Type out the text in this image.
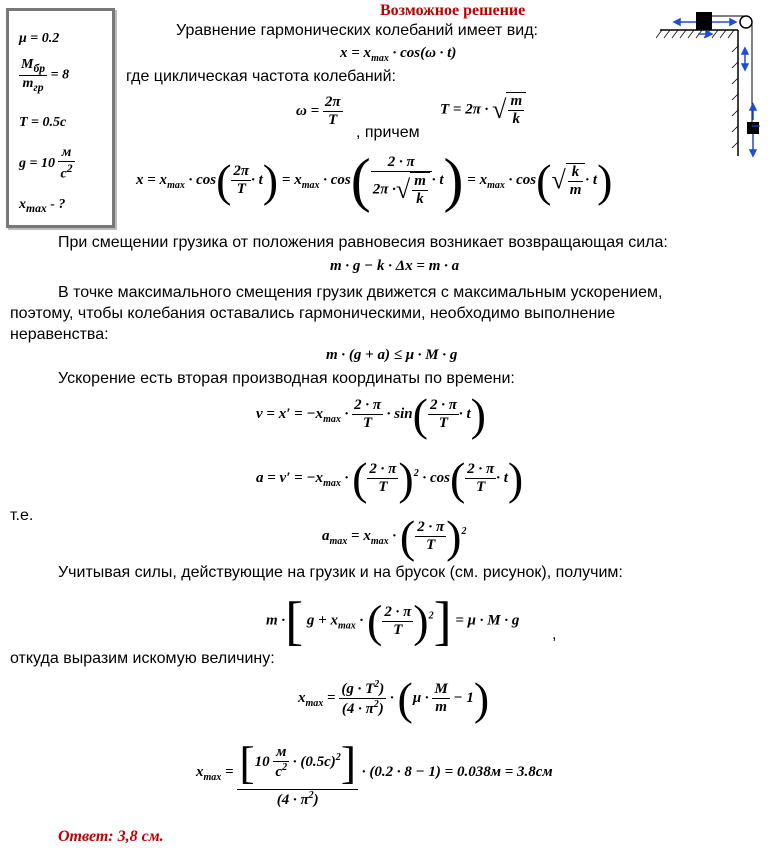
Возможное решение
μ = 0.2
$\frac{M_{бр}}{m_{гр}} = 8$
T = 0.5c
$g = 10 \frac{м}{c^2}$
$x_{max}$ - ?
Уравнение гармонических колебаний имеет вид:
$x = x_{max} \cdot \cos(\omega \cdot t)$
где циклическая частота колебаний:
$\omega = \frac{2\pi}{T}$
, причем
T = 2π · √ $\frac{m}{k}$
$x = x_{max} \cdot \cos( \frac{2\pi}{T} \cdot t) = x_{max} \cdot \cos( \frac{2 \cdot \pi}{2\pi \cdot√ \frac{m}{k}} \cdot t) = x_{max} \cdot \cos(√ \frac{k}{m} \cdot t)$
При смещении грузика от положения равновесия возникает возвращающая сила:
m · g − k · Δx = m · a
В точке максимального смещения грузик движется с максимальным ускорением,
поэтому, чтобы колебания оставались гармоническими, необходимо выполнение
неравенства:
m · (g + a) ≤ μ · M · g
Ускорение есть вторая производная координаты по времени:
$v = x' = -x_{max} \cdot \frac{2 \cdot \pi}{T} \cdot \sin( \frac{2 \cdot \pi}{T} \cdot t)$
$a = v' = -x_{max}$ · ( $\frac{2 \cdot \pi}{T} )^2 \cdot \cos( \frac{2 \cdot \pi}{T} \cdot t)$
т.е.
$a_{max} = x_{max}$ · ( $\frac{2 \cdot \pi}{T} )^2$
Учитывая силы, действующие на грузик и на брусок (см. рисунок), получим:
m ·[ $g + x_{max}$ · ( $\frac{2 \cdot \pi}{T} )^2] = \mu \cdot M \cdot g$
,
откуда выразим искомую величину:
$x_{max} = \frac{(g \cdot T^2)}{(4 \cdot \pi^2)} \cdot (\mu \cdot \frac{M}{m} - 1)$
$x_{max} = \frac{[10 \frac{м}{c^2} \cdot (0.5c)^2]}{(4 \cdot \pi^2)} \cdot (0.2 \cdot 8 - 1) = 0.038м = 3.8см$
Ответ: 3,8 см.
